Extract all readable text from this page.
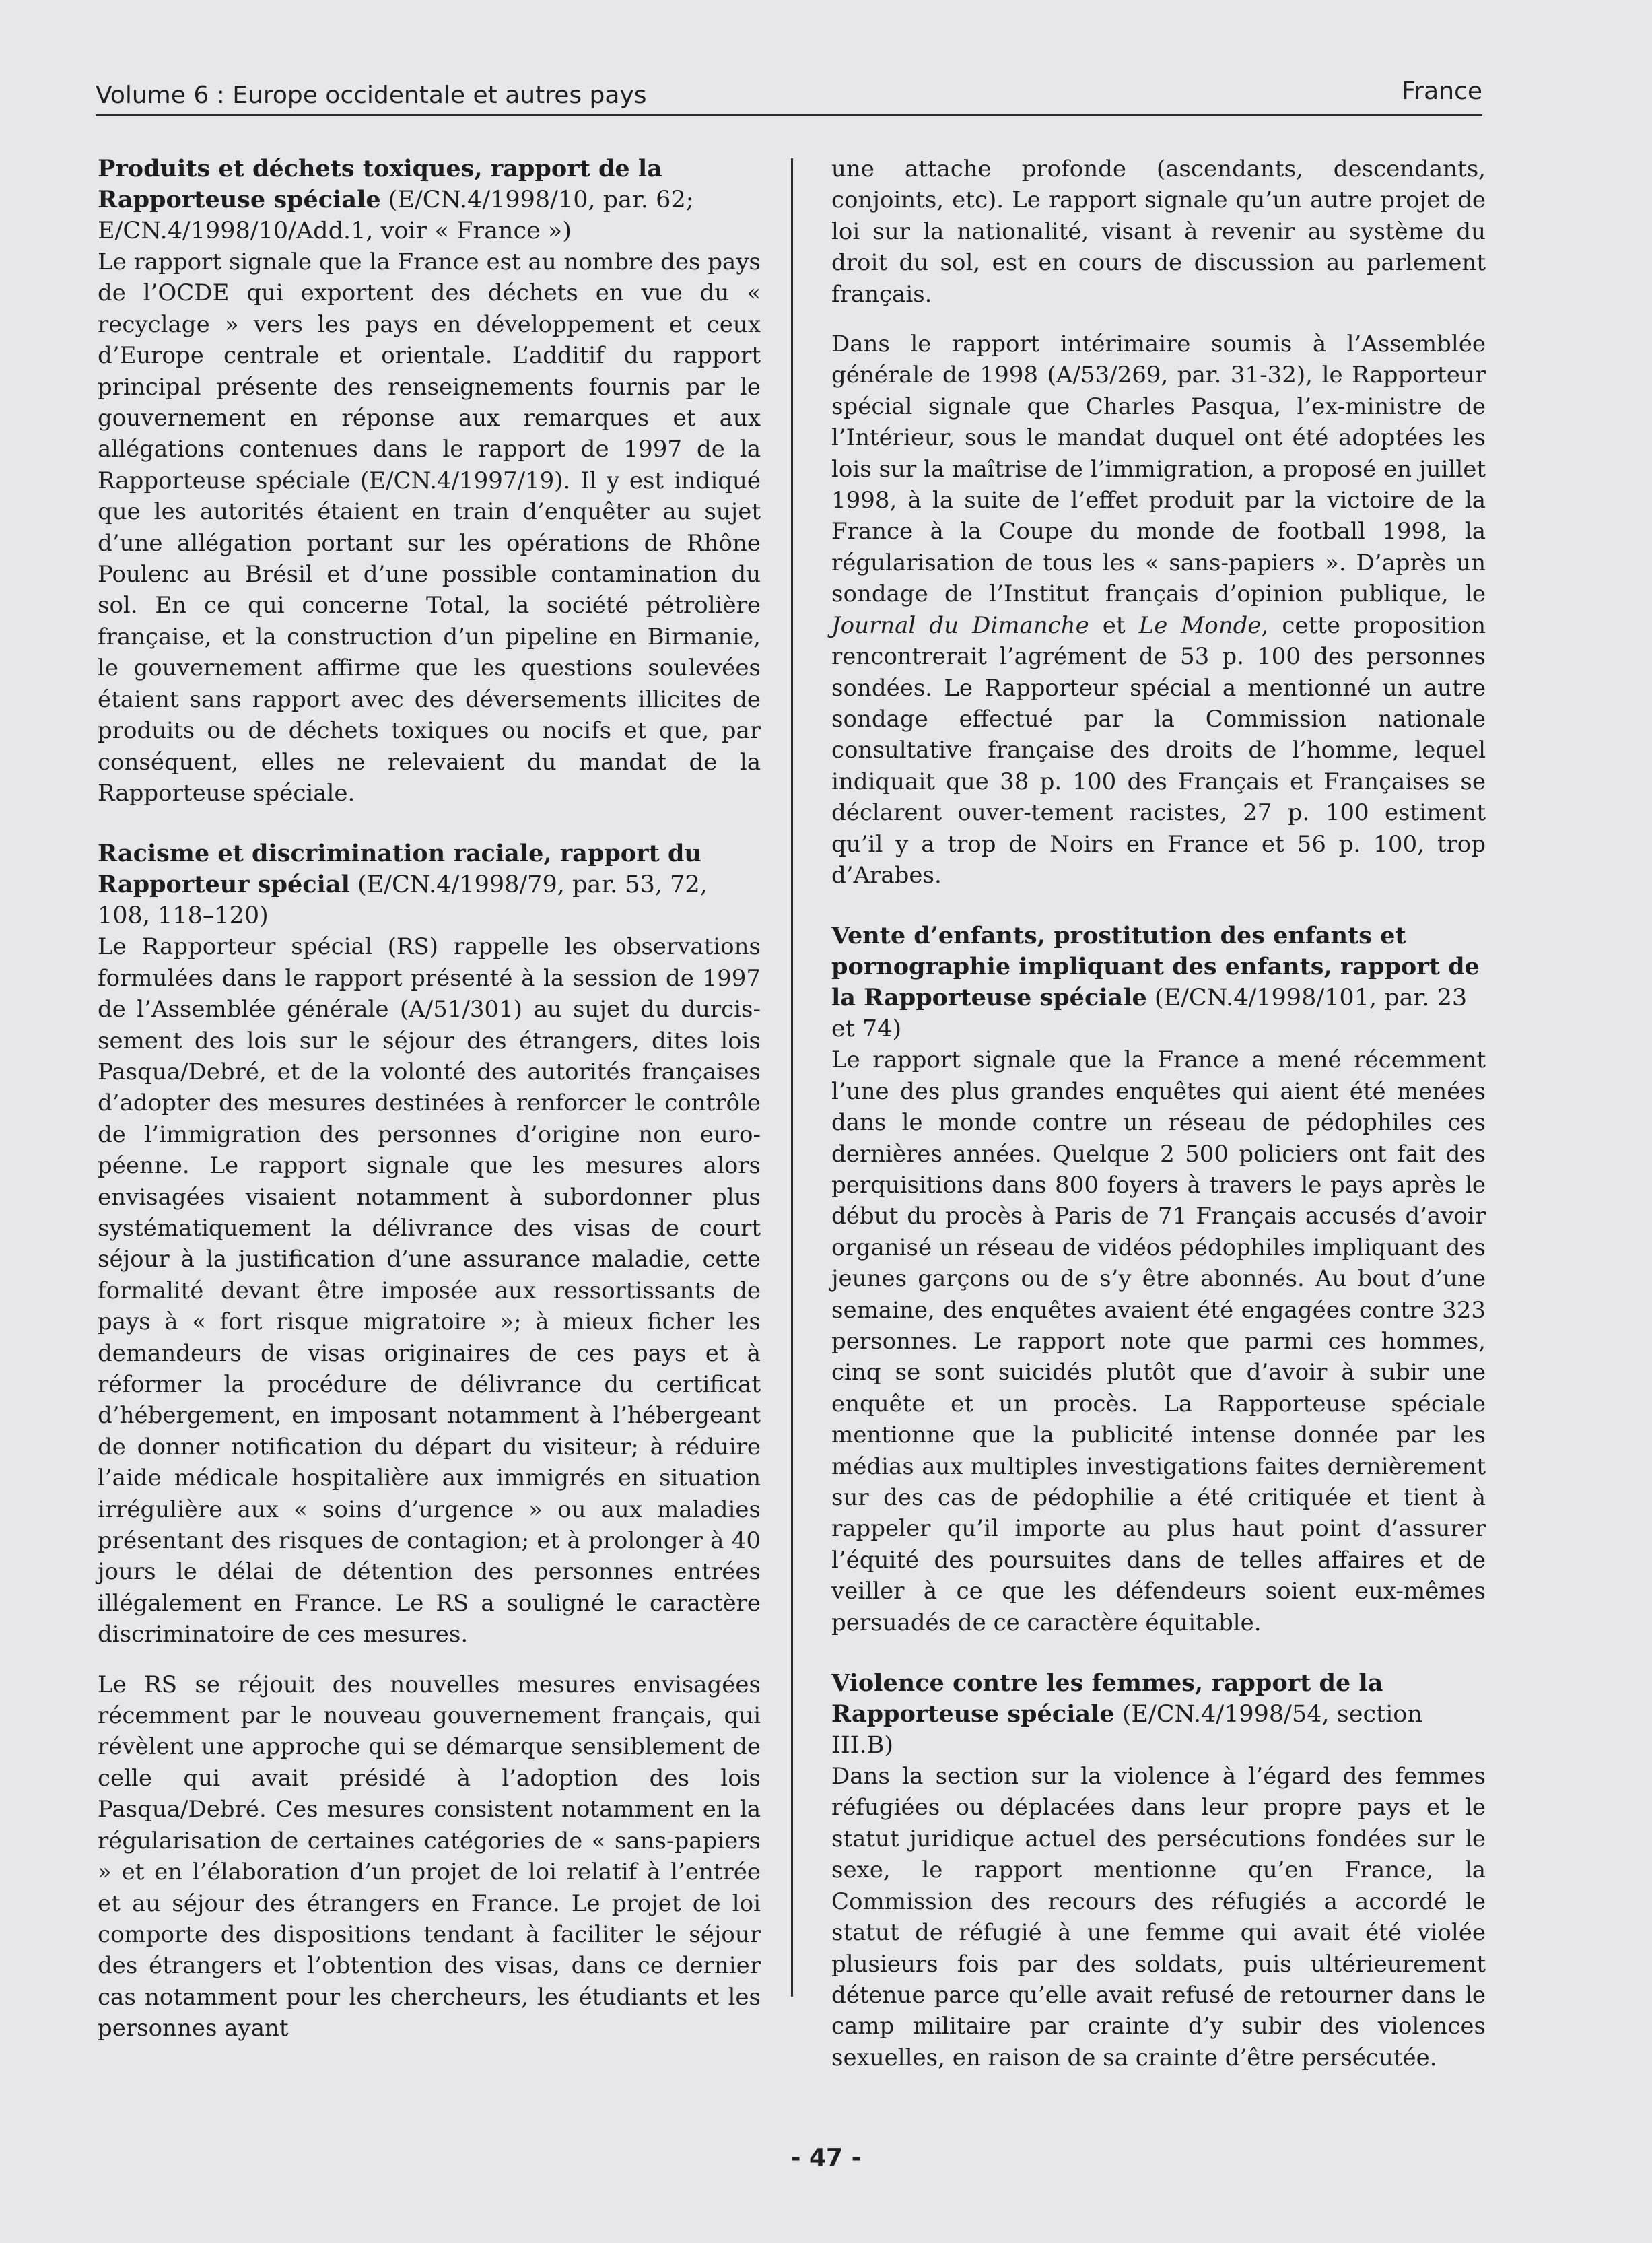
Volume 6 : Europe occidentale et autres pays	France
Produits et déchets toxiques, rapport de la Rapporteuse spéciale (E/CN.4/1998/10, par. 62; E/CN.4/1998/10/Add.1, voir « France »)

Le rapport signale que la France est au nombre des pays de l’OCDE qui exportent des déchets en vue du « recyclage » vers les pays en développement et ceux d’Europe centrale et orientale. L’additif du rapport principal présente des renseignements fournis par le gouvernement en réponse aux remarques et aux allégations contenues dans le rapport de 1997 de la Rapporteuse spéciale (E/CN.4/1997/19). Il y est indiqué que les autorités étaient en train d’enquêter au sujet d’une allégation portant sur les opérations de Rhône Poulenc au Brésil et d’une possible contamination du sol. En ce qui concerne Total, la société pétrolière française, et la construction d’un pipeline en Birmanie, le gouvernement affirme que les questions soulevées étaient sans rapport avec des déversements illicites de produits ou de déchets toxiques ou nocifs et que, par conséquent, elles ne relevaient du mandat de la Rapporteuse spéciale.

Racisme et discrimination raciale, rapport du Rapporteur spécial (E/CN.4/1998/79, par. 53, 72, 108, 118–120)

Le Rapporteur spécial (RS) rappelle les observations formulées dans le rapport présenté à la session de 1997 de l’Assemblée générale (A/51/301) au sujet du durcis-sement des lois sur le séjour des étrangers, dites lois Pasqua/Debré, et de la volonté des autorités françaises d’adopter des mesures destinées à renforcer le contrôle de l’immigration des personnes d’origine non euro-péenne. Le rapport signale que les mesures alors envisagées visaient notamment à subordonner plus systématiquement la délivrance des visas de court séjour à la justification d’une assurance maladie, cette formalité devant être imposée aux ressortissants de pays à « fort risque migratoire »; à mieux ficher les demandeurs de visas originaires de ces pays et à réformer la procédure de délivrance du certificat d’hébergement, en imposant notamment à l’hébergeant de donner notification du départ du visiteur; à réduire l’aide médicale hospitalière aux immigrés en situation irrégulière aux « soins d’urgence » ou aux maladies présentant des risques de contagion; et à prolonger à 40 jours le délai de détention des personnes entrées illégalement en France. Le RS a souligné le caractère discriminatoire de ces mesures.

Le RS se réjouit des nouvelles mesures envisagées récemment par le nouveau gouvernement français, qui révèlent une approche qui se démarque sensiblement de celle qui avait présidé à l’adoption des lois Pasqua/Debré. Ces mesures consistent notamment en la régularisation de certaines catégories de « sans-papiers » et en l’élaboration d’un projet de loi relatif à l’entrée et au séjour des étrangers en France. Le projet de loi comporte des dispositions tendant à faciliter le séjour des étrangers et l’obtention des visas, dans ce dernier cas notamment pour les chercheurs, les étudiants et les personnes ayant

une attache profonde (ascendants, descendants, conjoints, etc). Le rapport signale qu’un autre projet de loi sur la nationalité, visant à revenir au système du droit du sol, est en cours de discussion au parlement français.

Dans le rapport intérimaire soumis à l’Assemblée générale de 1998 (A/53/269, par. 31-32), le Rapporteur spécial signale que Charles Pasqua, l’ex-ministre de l’Intérieur, sous le mandat duquel ont été adoptées les lois sur la maîtrise de l’immigration, a proposé en juillet 1998, à la suite de l’effet produit par la victoire de la France à la Coupe du monde de football 1998, la régularisation de tous les « sans-papiers ». D’après un sondage de l’Institut français d’opinion publique, le Journal du Dimanche et Le Monde, cette proposition rencontrerait l’agrément de 53 p. 100 des personnes sondées. Le Rapporteur spécial a mentionné un autre sondage effectué par la Commission nationale consultative française des droits de l’homme, lequel indiquait que 38 p. 100 des Français et Françaises se déclarent ouver-tement racistes, 27 p. 100 estiment qu’il y a trop de Noirs en France et 56 p. 100, trop d’Arabes.

Vente d’enfants, prostitution des enfants et pornographie impliquant des enfants, rapport de la Rapporteuse spéciale (E/CN.4/1998/101, par. 23 et 74)

Le rapport signale que la France a mené récemment l’une des plus grandes enquêtes qui aient été menées dans le monde contre un réseau de pédophiles ces dernières années. Quelque 2 500 policiers ont fait des perquisitions dans 800 foyers à travers le pays après le début du procès à Paris de 71 Français accusés d’avoir organisé un réseau de vidéos pédophiles impliquant des jeunes garçons ou de s’y être abonnés. Au bout d’une semaine, des enquêtes avaient été engagées contre 323 personnes. Le rapport note que parmi ces hommes, cinq se sont suicidés plutôt que d’avoir à subir une enquête et un procès. La Rapporteuse spéciale mentionne que la publicité intense donnée par les médias aux multiples investigations faites dernièrement sur des cas de pédophilie a été critiquée et tient à rappeler qu’il importe au plus haut point d’assurer l’équité des poursuites dans de telles affaires et de veiller à ce que les défendeurs soient eux-mêmes persuadés de ce caractère équitable.

Violence contre les femmes, rapport de la Rapporteuse spéciale (E/CN.4/1998/54, section III.B)

Dans la section sur la violence à l’égard des femmes réfugiées ou déplacées dans leur propre pays et le statut juridique actuel des persécutions fondées sur le sexe, le rapport mentionne qu’en France, la Commission des recours des réfugiés a accordé le statut de réfugié à une femme qui avait été violée plusieurs fois par des soldats, puis ultérieurement détenue parce qu’elle avait refusé de retourner dans le camp militaire par crainte d’y subir des violences sexuelles, en raison de sa crainte d’être persécutée.

- 47 -
